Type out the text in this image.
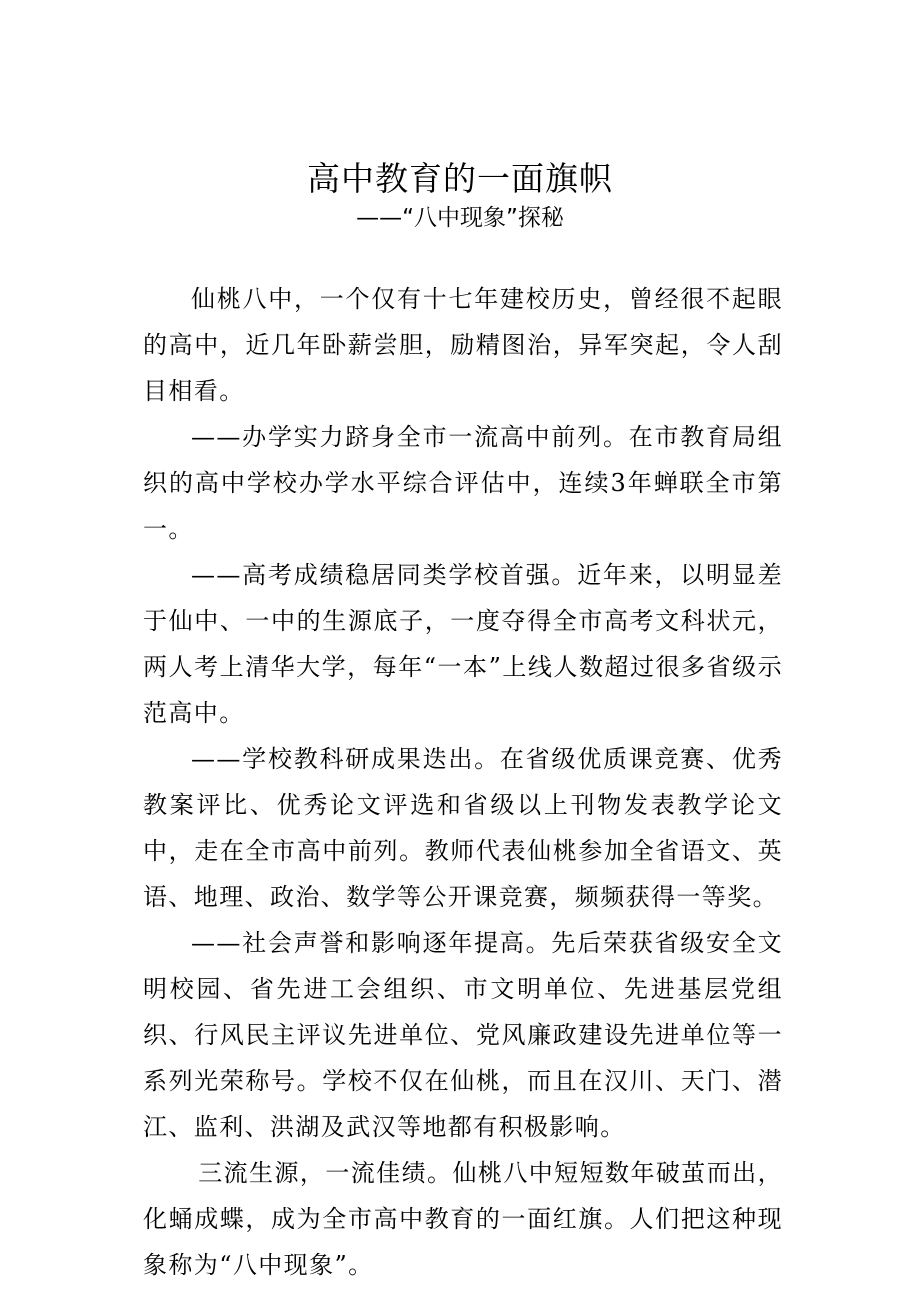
高中教育的一面旗帜
——“八中现象”探秘

仙桃八中，一个仅有十七年建校历史，曾经很不起眼的高中，近几年卧薪尝胆，励精图治，异军突起，令人刮目相看。

——办学实力跻身全市一流高中前列。在市教育局组织的高中学校办学水平综合评估中，连续3年蝉联全市第一。

——高考成绩稳居同类学校首强。近年来，以明显差于仙中、一中的生源底子，一度夺得全市高考文科状元，两人考上清华大学，每年“一本”上线人数超过很多省级示范高中。

——学校教科研成果迭出。在省级优质课竞赛、优秀教案评比、优秀论文评选和省级以上刊物发表教学论文中，走在全市高中前列。教师代表仙桃参加全省语文、英语、地理、政治、数学等公开课竞赛，频频获得一等奖。

——社会声誉和影响逐年提高。先后荣获省级安全文明校园、省先进工会组织、市文明单位、先进基层党组织、行风民主评议先进单位、党风廉政建设先进单位等一系列光荣称号。学校不仅在仙桃，而且在汉川、天门、潜江、监利、洪湖及武汉等地都有积极影响。

三流生源，一流佳绩。仙桃八中短短数年破茧而出，化蛹成蝶，成为全市高中教育的一面红旗。人们把这种现象称为“八中现象”。
